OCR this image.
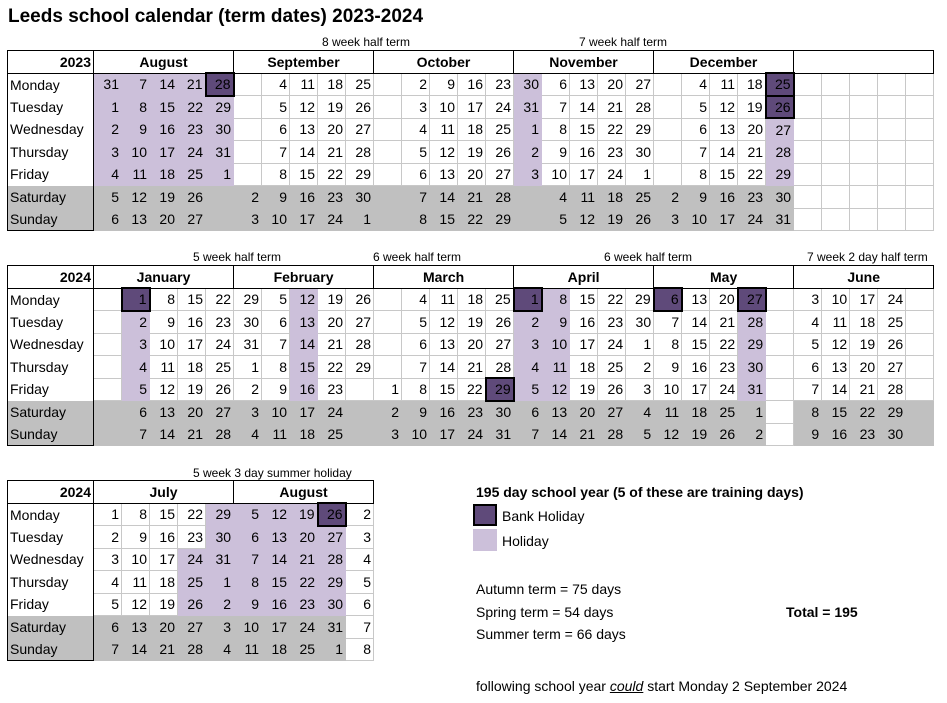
Leeds school calendar (term dates) 2023-2024
8 week half term	7 week half term
5 week half term	6 week half term	6 week half term	7 week 2 day half term
5 week 3 day summer holiday
2023	August					September					October					November					December									
Monday	31	7	14	21	28		4	11	18	25		2	9	16	23	30	6	13	20	27		4	11	18	25					
Tuesday	1	8	15	22	29		5	12	19	26		3	10	17	24	31	7	14	21	28		5	12	19	26					
Wednesday	2	9	16	23	30		6	13	20	27		4	11	18	25	1	8	15	22	29		6	13	20	27					
Thursday	3	10	17	24	31		7	14	21	28		5	12	19	26	2	9	16	23	30		7	14	21	28					
Friday	4	11	18	25	1		8	15	22	29		6	13	20	27	3	10	17	24	1		8	15	22	29					
Saturday	5	12	19	26		2	9	16	23	30		7	14	21	28		4	11	18	25	2	9	16	23	30					
Sunday	6	13	20	27		3	10	17	24	1		8	15	22	29		5	12	19	26	3	10	17	24	31					
2024	January					February					March					April					May					June				
Monday		1	8	15	22	29	5	12	19	26		4	11	18	25	1	8	15	22	29	6	13	20	27		3	10	17	24	
Tuesday		2	9	16	23	30	6	13	20	27		5	12	19	26	2	9	16	23	30	7	14	21	28		4	11	18	25	
Wednesday		3	10	17	24	31	7	14	21	28		6	13	20	27	3	10	17	24	1	8	15	22	29		5	12	19	26	
Thursday		4	11	18	25	1	8	15	22	29		7	14	21	28	4	11	18	25	2	9	16	23	30		6	13	20	27	
Friday		5	12	19	26	2	9	16	23		1	8	15	22	29	5	12	19	26	3	10	17	24	31		7	14	21	28	
Saturday		6	13	20	27	3	10	17	24		2	9	16	23	30	6	13	20	27	4	11	18	25	1		8	15	22	29	
Sunday		7	14	21	28	4	11	18	25		3	10	17	24	31	7	14	21	28	5	12	19	26	2		9	16	23	30	
2024	July					August				
Monday	1	8	15	22	29	5	12	19	26	2
Tuesday	2	9	16	23	30	6	13	20	27	3
Wednesday	3	10	17	24	31	7	14	21	28	4
Thursday	4	11	18	25	1	8	15	22	29	5
Friday	5	12	19	26	2	9	16	23	30	6
Saturday	6	13	20	27	3	10	17	24	31	7
Sunday	7	14	21	28	4	11	18	25	1	8
195 day school year (5 of these are training days)
Bank Holiday
Holiday
Autumn term = 75 days
Spring term = 54 days
Summer term = 66 days
Total = 195
following school year could start Monday 2 September 2024
